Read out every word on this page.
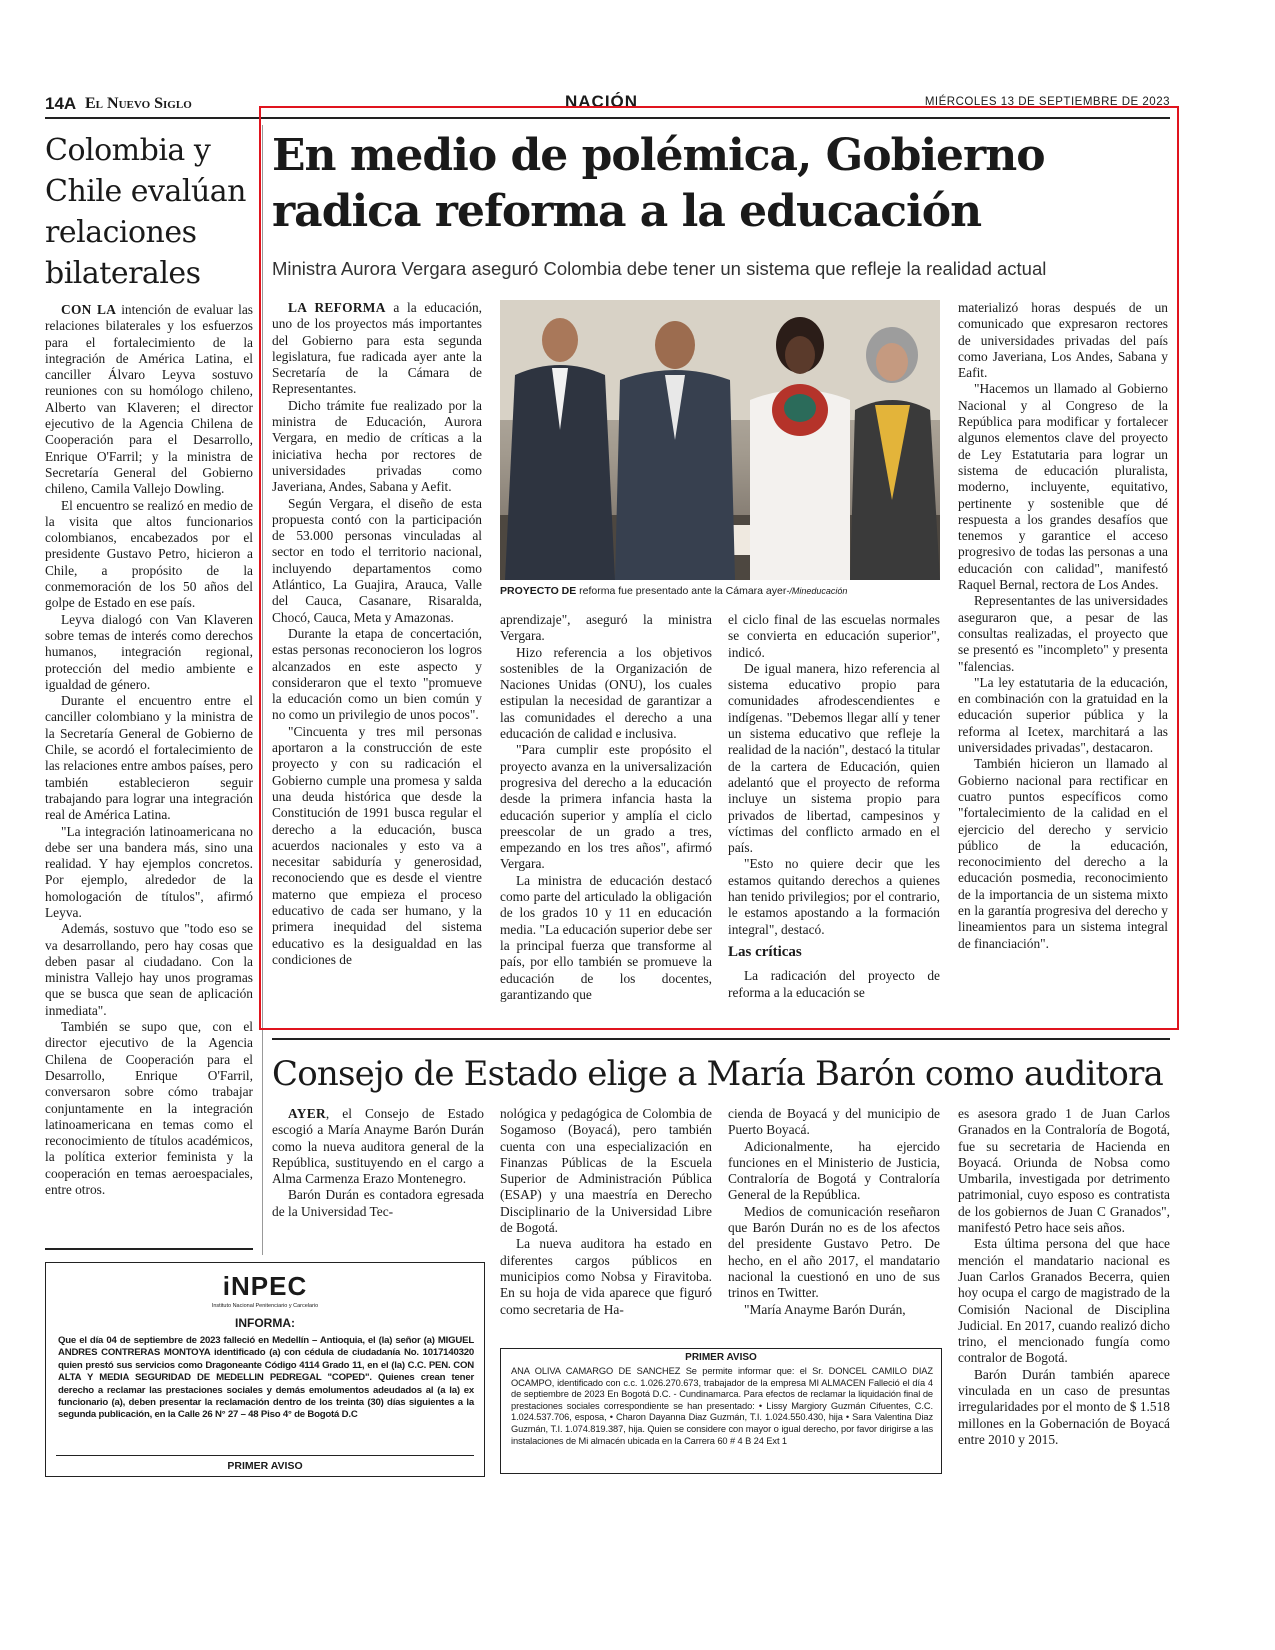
14A El Nuevo Siglo	NACIÓN	MIÉRCOLES 13 DE SEPTIEMBRE DE 2023
Colombia y Chile evalúan relaciones bilaterales

CON LA intención de evaluar las relaciones bilaterales y los esfuerzos para el fortalecimiento de la integración de América Latina, el canciller Álvaro Leyva sostuvo reuniones con su homólogo chileno, Alberto van Klaveren; el director ejecutivo de la Agencia Chilena de Cooperación para el Desarrollo, Enrique O'Farril; y la ministra de Secretaría General del Gobierno chileno, Camila Vallejo Dowling.

El encuentro se realizó en medio de la visita que altos funcionarios colombianos, encabezados por el presidente Gustavo Petro, hicieron a Chile, a propósito de la conmemoración de los 50 años del golpe de Estado en ese país.

Leyva dialogó con Van Klaveren sobre temas de interés como derechos humanos, integración regional, protección del medio ambiente e igualdad de género.

Durante el encuentro entre el canciller colombiano y la ministra de la Secretaría General de Gobierno de Chile, se acordó el fortalecimiento de las relaciones entre ambos países, pero también establecieron seguir trabajando para lograr una integración real de América Latina.

"La integración latinoamericana no debe ser una bandera más, sino una realidad. Y hay ejemplos concretos. Por ejemplo, alrededor de la homologación de títulos", afirmó Leyva.

Además, sostuvo que "todo eso se va desarrollando, pero hay cosas que deben pasar al ciudadano. Con la ministra Vallejo hay unos programas que se busca que sean de aplicación inmediata".

También se supo que, con el director ejecutivo de la Agencia Chilena de Cooperación para el Desarrollo, Enrique O'Farril, conversaron sobre cómo trabajar conjuntamente en la integración latinoamericana en temas como el reconocimiento de títulos académicos, la política exterior feminista y la cooperación en temas aeroespaciales, entre otros.

En medio de polémica, Gobierno
radica reforma a la educación
Ministra Aurora Vergara aseguró Colombia debe tener un sistema que refleje la realidad actual

LA REFORMA a la educación, uno de los proyectos más importantes del Gobierno para esta segunda legislatura, fue radicada ayer ante la Secretaría de la Cámara de Representantes.

Dicho trámite fue realizado por la ministra de Educación, Aurora Vergara, en medio de críticas a la iniciativa hecha por rectores de universidades privadas como Javeriana, Andes, Sabana y Aefit.

Según Vergara, el diseño de esta propuesta contó con la participación de 53.000 personas vinculadas al sector en todo el territorio nacional, incluyendo departamentos como Atlántico, La Guajira, Arauca, Valle del Cauca, Casanare, Risaralda, Chocó, Cauca, Meta y Amazonas.

Durante la etapa de concertación, estas personas reconocieron los logros alcanzados en este aspecto y consideraron que el texto "promueve la educación como un bien común y no como un privilegio de unos pocos".

"Cincuenta y tres mil personas aportaron a la construcción de este proyecto y con su radicación el Gobierno cumple una promesa y salda una deuda histórica que desde la Constitución de 1991 busca regular el derecho a la educación, busca acuerdos nacionales y esto va a necesitar sabiduría y generosidad, reconociendo que es desde el vientre materno que empieza el proceso educativo de cada ser humano, y la primera inequidad del sistema educativo es la desigualdad en las condiciones de

PROYECTO DE reforma fue presentado ante la Cámara ayer-/Mineducación

aprendizaje", aseguró la ministra Vergara.

Hizo referencia a los objetivos sostenibles de la Organización de Naciones Unidas (ONU), los cuales estipulan la necesidad de garantizar a las comunidades el derecho a una educación de calidad e inclusiva.

"Para cumplir este propósito el proyecto avanza en la universalización progresiva del derecho a la educación desde la primera infancia hasta la educación superior y amplía el ciclo preescolar de un grado a tres, empezando en los tres años", afirmó Vergara.

La ministra de educación destacó como parte del articulado la obligación de los grados 10 y 11 en educación media. "La educación superior debe ser la principal fuerza que transforme al país, por ello también se promueve la educación de los docentes, garantizando que

el ciclo final de las escuelas normales se convierta en educación superior", indicó.

De igual manera, hizo referencia al sistema educativo propio para comunidades afrodescendientes e indígenas. "Debemos llegar allí y tener un sistema educativo que refleje la realidad de la nación", destacó la titular de la cartera de Educación, quien adelantó que el proyecto de reforma incluye un sistema propio para privados de libertad, campesinos y víctimas del conflicto armado en el país.

"Esto no quiere decir que les estamos quitando derechos a quienes han tenido privilegios; por el contrario, le estamos apostando a la formación integral", destacó.

Las críticas

La radicación del proyecto de reforma a la educación se

materializó horas después de un comunicado que expresaron rectores de universidades privadas del país como Javeriana, Los Andes, Sabana y Eafit.

"Hacemos un llamado al Gobierno Nacional y al Congreso de la República para modificar y fortalecer algunos elementos clave del proyecto de Ley Estatutaria para lograr un sistema de educación pluralista, moderno, incluyente, equitativo, pertinente y sostenible que dé respuesta a los grandes desafíos que tenemos y garantice el acceso progresivo de todas las personas a una educación con calidad", manifestó Raquel Bernal, rectora de Los Andes.

Representantes de las universidades aseguraron que, a pesar de las consultas realizadas, el proyecto que se presentó es "incompleto" y presenta "falencias.

"La ley estatutaria de la educación, en combinación con la gratuidad en la educación superior pública y la reforma al Icetex, marchitará a las universidades privadas", destacaron.

También hicieron un llamado al Gobierno nacional para rectificar en cuatro puntos específicos como "fortalecimiento de la calidad en el ejercicio del derecho y servicio público de la educación, reconocimiento del derecho a la educación posmedia, reconocimiento de la importancia de un sistema mixto en la garantía progresiva del derecho y lineamientos para un sistema integral de financiación".

Consejo de Estado elige a María Barón como auditora

AYER, el Consejo de Estado escogió a María Anayme Barón Durán como la nueva auditora general de la República, sustituyendo en el cargo a Alma Carmenza Erazo Montenegro.

Barón Durán es contadora egresada de la Universidad Tec-

nológica y pedagógica de Colombia de Sogamoso (Boyacá), pero también cuenta con una especialización en Finanzas Públicas de la Escuela Superior de Administración Pública (ESAP) y una maestría en Derecho Disciplinario de la Universidad Libre de Bogotá.

La nueva auditora ha estado en diferentes cargos públicos en municipios como Nobsa y Firavitoba. En su hoja de vida aparece que figuró como secretaria de Ha-

cienda de Boyacá y del municipio de Puerto Boyacá.

Adicionalmente, ha ejercido funciones en el Ministerio de Justicia, Contraloría de Bogotá y Contraloría General de la República.

Medios de comunicación reseñaron que Barón Durán no es de los afectos del presidente Gustavo Petro. De hecho, en el año 2017, el mandatario nacional la cuestionó en uno de sus trinos en Twitter.

"María Anayme Barón Durán,

es asesora grado 1 de Juan Carlos Granados en la Contraloría de Bogotá, fue su secretaria de Hacienda en Boyacá. Oriunda de Nobsa como Umbarila, investigada por detrimento patrimonial, cuyo esposo es contratista de los gobiernos de Juan C Granados", manifestó Petro hace seis años.

Esta última persona del que hace mención el mandatario nacional es Juan Carlos Granados Becerra, quien hoy ocupa el cargo de magistrado de la Comisión Nacional de Disciplina Judicial. En 2017, cuando realizó dicho trino, el mencionado fungía como contralor de Bogotá.

Barón Durán también aparece vinculada en un caso de presuntas irregularidades por el monto de $ 1.518 millones en la Gobernación de Boyacá entre 2010 y 2015.

iNPEC
Instituto Nacional Penitenciario y Carcelario
INFORMA:
Que el día 04 de septiembre de 2023 falleció en Medellín – Antioquia, el (la) señor (a) MIGUEL ANDRES CONTRERAS MONTOYA identificado (a) con cédula de ciudadanía No. 1017140320 quien prestó sus servicios como Dragoneante Código 4114 Grado 11, en el (la) C.C. PEN. CON ALTA Y MEDIA SEGURIDAD DE MEDELLIN PEDREGAL "COPED". Quienes crean tener derecho a reclamar las prestaciones sociales y demás emolumentos adeudados al (a la) ex funcionario (a), deben presentar la reclamación dentro de los treinta (30) días siguientes a la segunda publicación, en la Calle 26 N° 27 – 48 Piso 4° de Bogotá D.C
PRIMER AVISO
PRIMER AVISO
ANA OLIVA CAMARGO DE SANCHEZ Se permite informar que: el Sr. DONCEL CAMILO DIAZ OCAMPO, identificado con c.c. 1.026.270.673, trabajador de la empresa MI ALMACEN Falleció el día 4 de septiembre de 2023 En Bogotá D.C. - Cundinamarca. Para efectos de reclamar la liquidación final de prestaciones sociales correspondiente se han presentado: • Lissy Margiory Guzmán Cifuentes, C.C. 1.024.537.706, esposa, • Charon Dayanna Diaz Guzmán, T.I. 1.024.550.430, hija • Sara Valentina Diaz Guzmán, T.I. 1.074.819.387, hija. Quien se considere con mayor o igual derecho, por favor dirigirse a las instalaciones de Mi almacén ubicada en la Carrera 60 # 4 B 24 Ext 1
